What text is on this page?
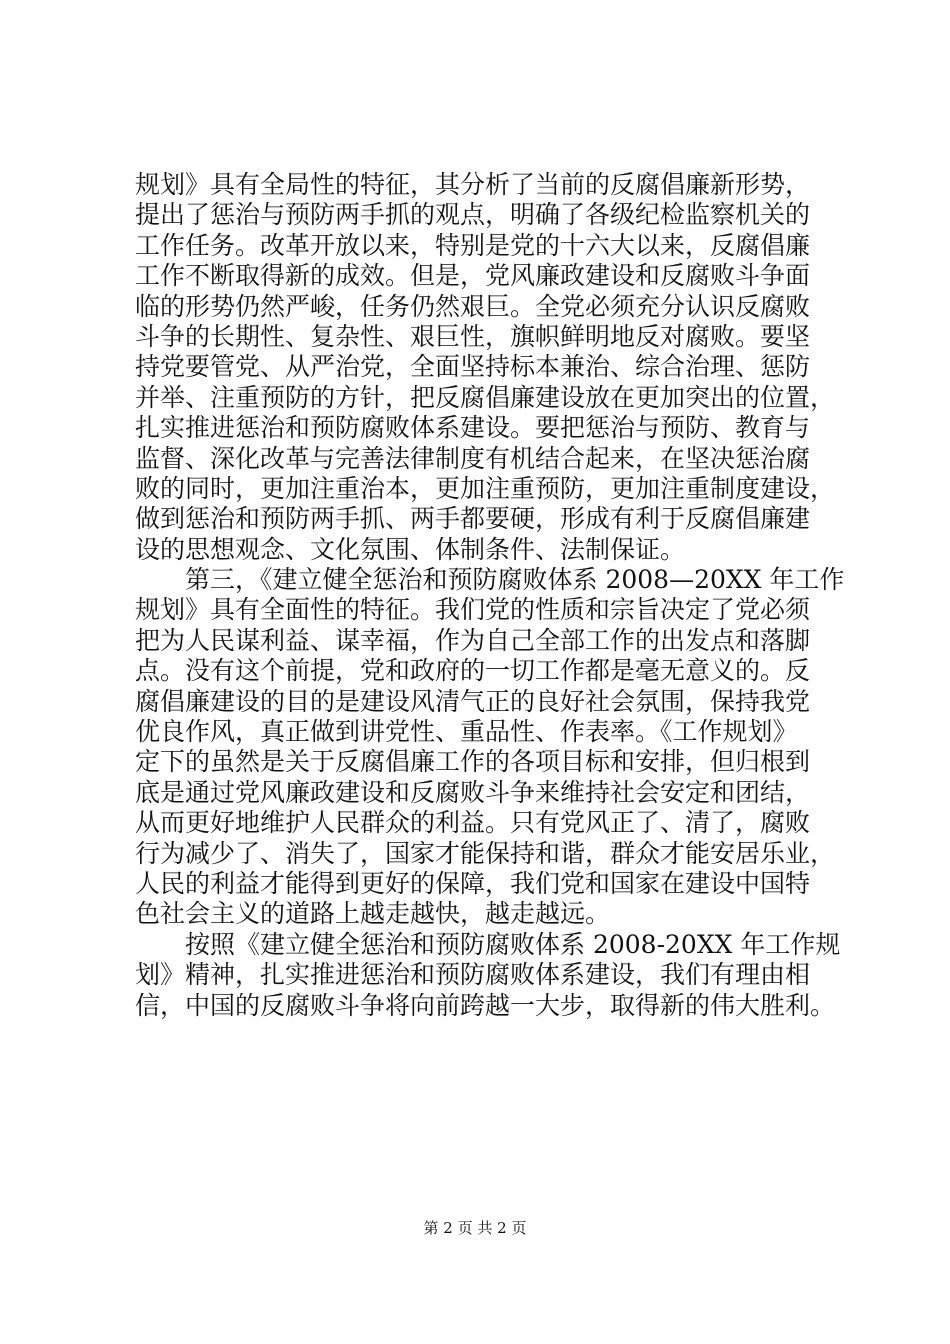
规划》具有全局性的特征，其分析了当前的反腐倡廉新形势，
提出了惩治与预防两手抓的观点，明确了各级纪检监察机关的
工作任务。改革开放以来，特别是党的十六大以来，反腐倡廉
工作不断取得新的成效。但是，党风廉政建设和反腐败斗争面
临的形势仍然严峻，任务仍然艰巨。全党必须充分认识反腐败
斗争的长期性、复杂性、艰巨性，旗帜鲜明地反对腐败。要坚
持党要管党、从严治党，全面坚持标本兼治、综合治理、惩防
并举、注重预防的方针，把反腐倡廉建设放在更加突出的位置，
扎实推进惩治和预防腐败体系建设。要把惩治与预防、教育与
监督、深化改革与完善法律制度有机结合起来，在坚决惩治腐
败的同时，更加注重治本，更加注重预防，更加注重制度建设，
做到惩治和预防两手抓、两手都要硬，形成有利于反腐倡廉建
设的思想观念、文化氛围、体制条件、法制保证。
　　第三，《建立健全惩治和预防腐败体系 2008—20XX 年工作
规划》具有全面性的特征。我们党的性质和宗旨决定了党必须
把为人民谋利益、谋幸福，作为自己全部工作的出发点和落脚
点。没有这个前提，党和政府的一切工作都是毫无意义的。反
腐倡廉建设的目的是建设风清气正的良好社会氛围，保持我党
优良作风，真正做到讲党性、重品性、作表率。《工作规划》
定下的虽然是关于反腐倡廉工作的各项目标和安排，但归根到
底是通过党风廉政建设和反腐败斗争来维持社会安定和团结，
从而更好地维护人民群众的利益。只有党风正了、清了，腐败
行为减少了、消失了，国家才能保持和谐，群众才能安居乐业，
人民的利益才能得到更好的保障，我们党和国家在建设中国特
色社会主义的道路上越走越快，越走越远。
　　按照《建立健全惩治和预防腐败体系 2008-20XX 年工作规
划》精神，扎实推进惩治和预防腐败体系建设，我们有理由相
信，中国的反腐败斗争将向前跨越一大步，取得新的伟大胜利。
第 2 页 共 2 页
